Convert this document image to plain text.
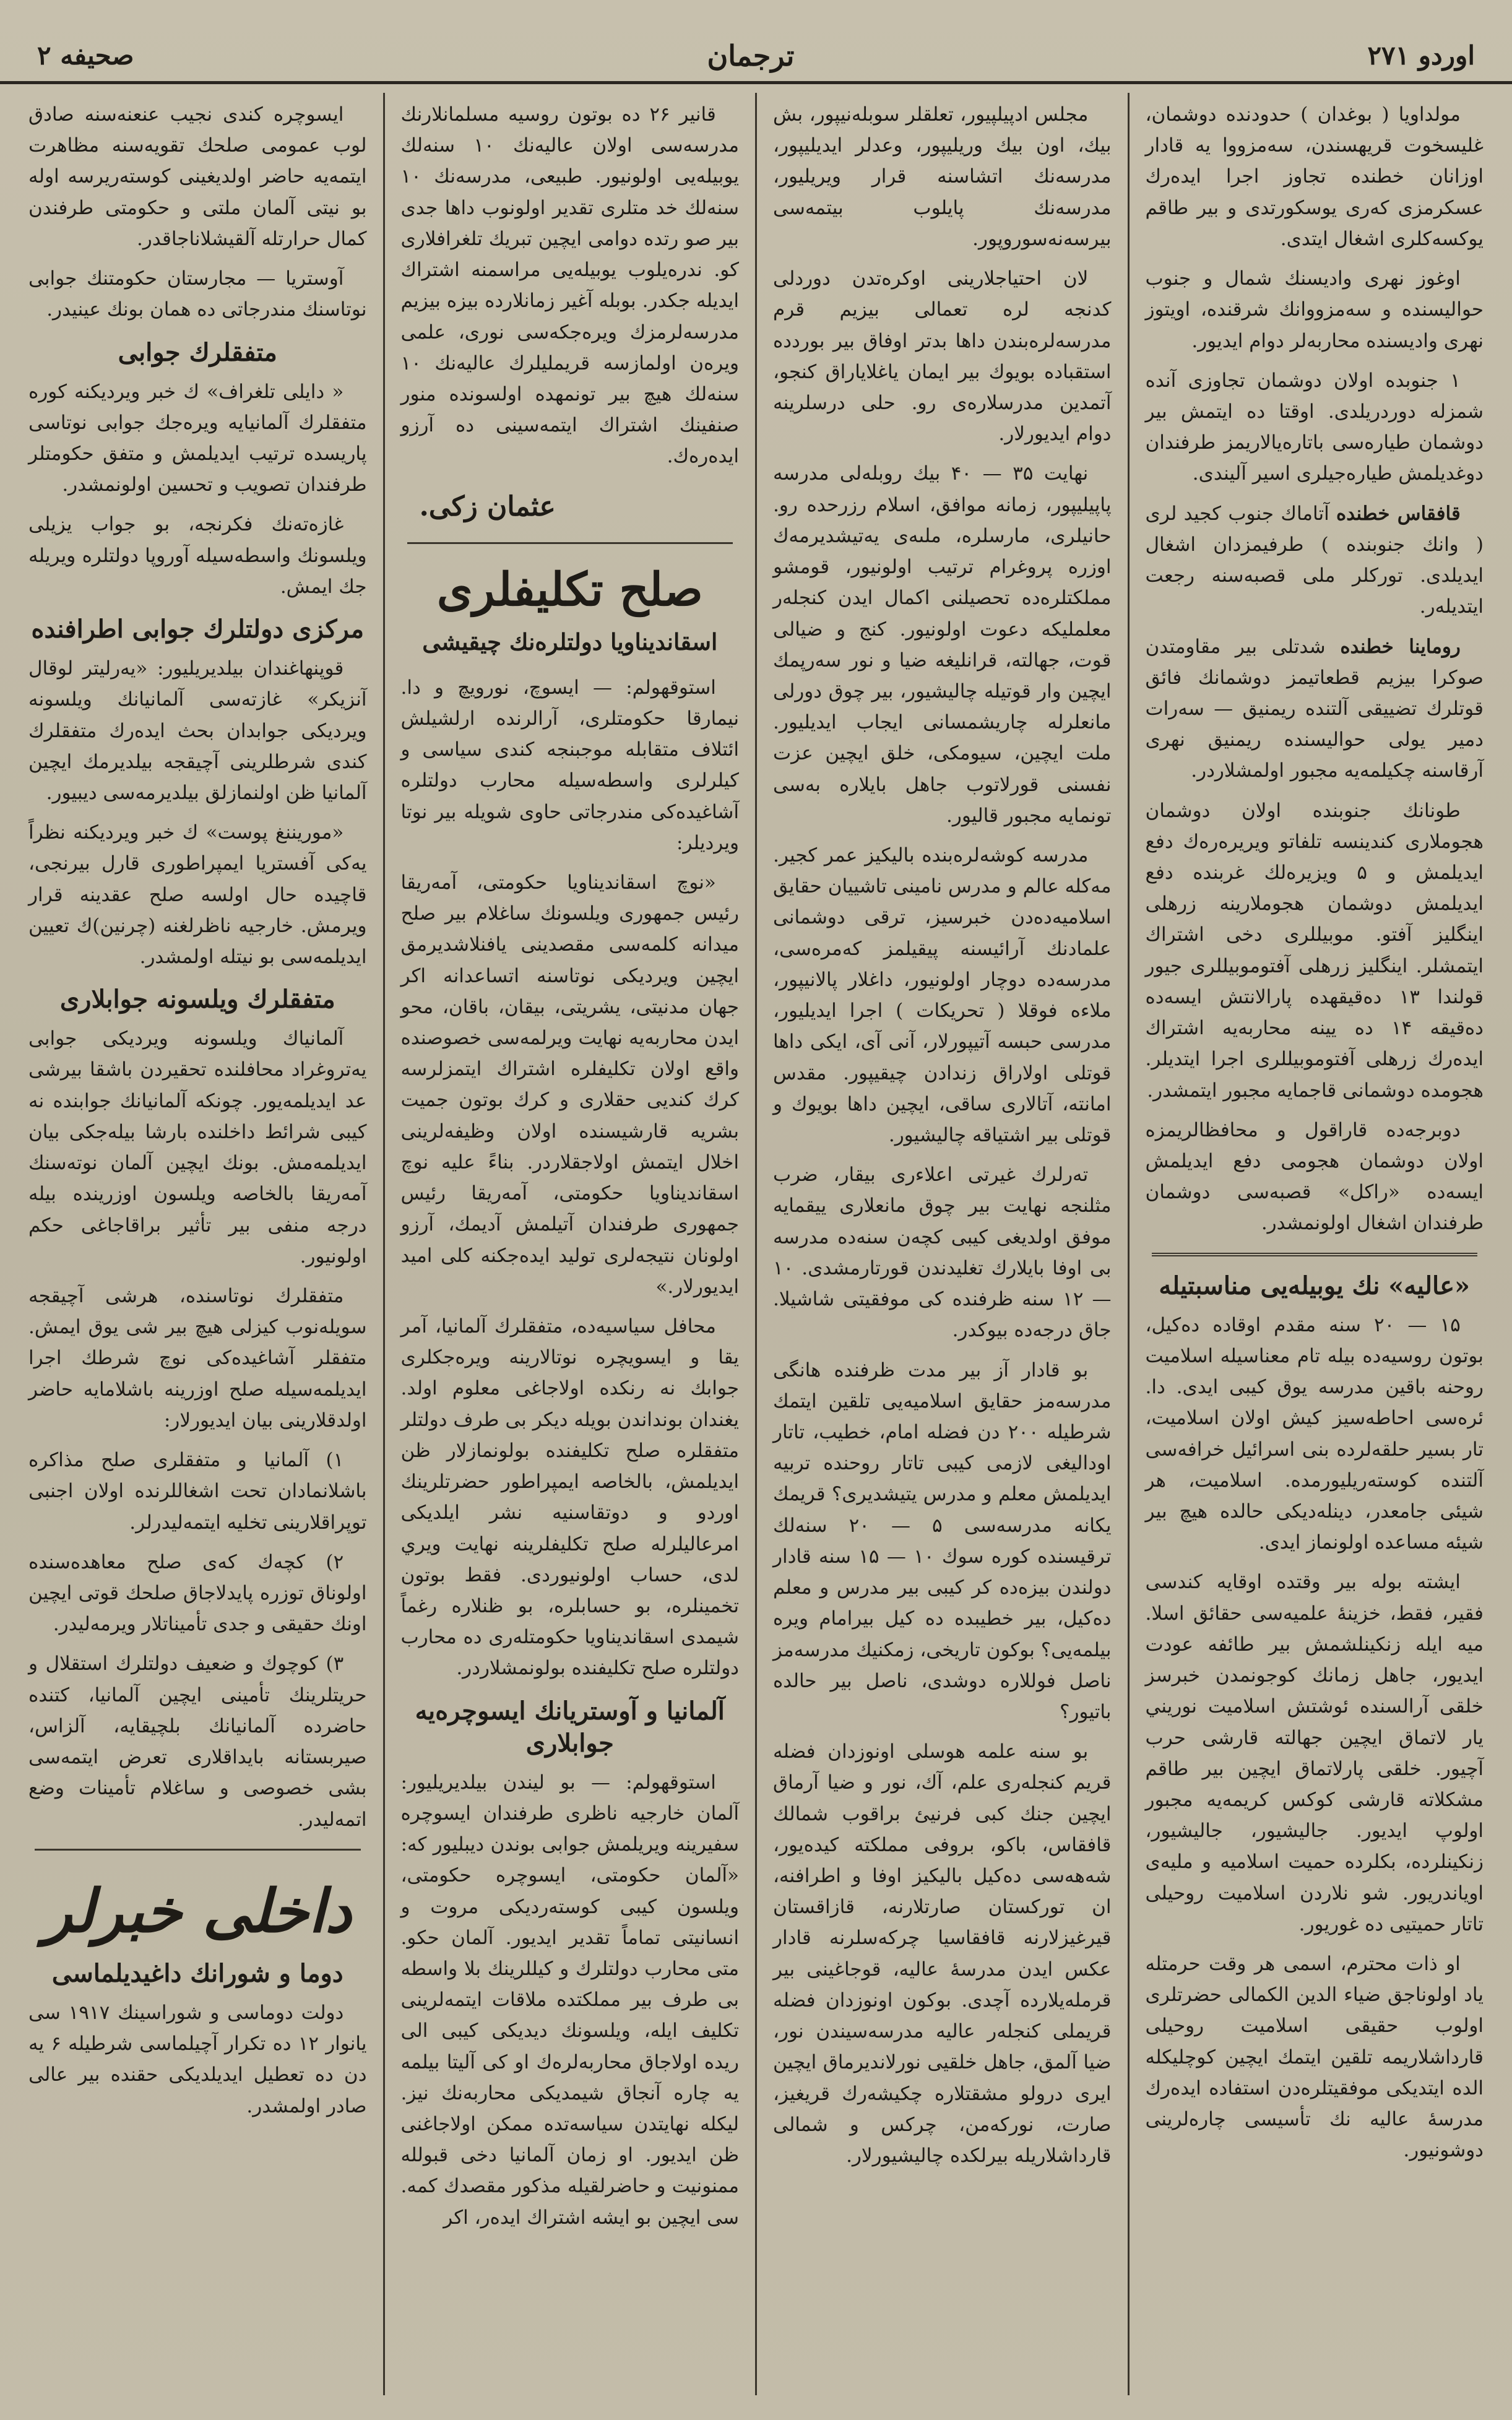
اوردو ۲۷۱
ترجمان
صحيفه ۲

مولداويا ( بوغدان ) حدودنده دوشمان، غليسخوت قريهسندن، سەمزووا يە قادار اوزانان خطنده تجاوز اجرا ايدەرك عسكرمزى كەرى يوسكورتدى و بير طاقم يوكسەكلرى اشغال ايتدى.

اوغوز نهرى واديسنك شمال و جنوب حواليسنده و سەمزووانك شرقنده، اويتوز نهرى واديسنده محاربەلر دوام ايديور.

۱ جنوبده اولان دوشمان تجاوزى آنده شمزله دوردريلدى. اوقتا ده ايتمش بير دوشمان طيارەسى باتارەيالاريمز طرفندان دوغديلمش طيارەجيلرى اسير آليندى.

قافقاس خطنده آتاماك جنوب كجيد لرى ( وانك جنوبنده ) طرفيمزدان اشغال ايديلدى. توركلر ملى قصبەسنه رجعت ايتديلەر.

روماينا خطنده شدتلى بير مقاومتدن صوكرا بيزيم قطعاتيمز دوشمانك فائق قوتلرك تضييقى آلتنده ريمنيق — سەرات دمير يولى حواليسنده ريمنيق نهرى آرقاسنه چكيلمەيه مجبور اولمشلاردر.

طونانك جنوبنده اولان دوشمان هجوملارى كندينسه تلفاتو ويريرەرەك دفع ايديلمش و ۵ ويزيرەلك غربنده دفع ايديلمش دوشمان هجوملارينه زرهلى اينگليز آفتو. موبيللرى دخى اشتراك ايتمشلر. اينگليز زرهلى آفتوموبيللرى جيور قولندا ۱۳ دەقيقهده پارالانتش ايسەده دەقيقه ۱۴ ده يينه محاربەيه اشتراك ايدەرك زرهلى آفتوموبيللرى اجرا ايتديلر. هجومده دوشمانى قاجمايه مجبور ايتمشدر.

دوبرجەده قاراقول و محافظالريمزه اولان دوشمان هجومى دفع ايديلمش ايسەده «راكل» قصبەسى دوشمان طرفندان اشغال اولونمشدر.

«عالیه» نك يوبيلەيى مناسبتيله

۱۵ — ۲۰ سنه مقدم اوقاده دەكيل، بوتون روسيەده بيله تام معناسيله اسلاميت روحنه باقين مدرسه يوق كيبى ايدى. دا. ئرەسى احاطەسيز كيش اولان اسلاميت، تار بسير حلقەلرده بنى اسرائيل خرافەسى آلتنده كوستەريليورمده. اسلاميت، هر شيئى جامعدر، دينلەديكى حالده هيچ بير شيئه مساعده اولونماز ايدى.

ايشته بوله بير وقتده اوقايه كندسى فقير، فقط، خزينۀ علميەسى حقائق اسلا. ميه ايله زنكينلشمش بير طائفه عودت ايديور، جاهل زمانك كوجونمدن خبرسز خلقى آرالسنده ئوشتش اسلاميت نوريني يار لاتماق ايچين جهالته قارشى حرب آچيور. خلقى پارلاتماق ايچين بير طاقم مشكلاته قارشى كوكس كريمەيه مجبور اولوپ ايديور. جاليشيور، جاليشيور، زنكينلرده، بكلرده حميت اسلاميه و مليەى اوياندريور. شو نلاردن اسلاميت روحيلى تاتار حميتيى ده غوريور.

او ذات محترم، اسمى هر وقت حرمتله ياد اولوناجق ضياء الدين الكمالى حضرتلرى اولوب حقيقى اسلاميت روحيلى قارداشلاريمه تلقين ايتمك ايچين كوچليكله الده ايتديكى موفقيتلرەدن استفاده ايدەرك مدرسۀ عاليه نك تأسيسى چارەلرينى دوشونيور.

مجلس ادپيلپيور، تعلقلر سوبلەنيپور، بش بيك، اون بيك وريليپور، وعدلر ايديليپور، مدرسەنك اتشاسنه قرار ويريليور، مدرسەنك پايلوب بيتمەسى بيرسەنەسوروپور.

لان احتياجلارينى اوكرەتدن دوردلى كدنجه لره تعمالى بيزيم قرم مدرسەلرەبندن داها بدتر اوفاق بير بوردده استقباده بويوك بير ايمان ياغلاياراق كنجو، آتمدين مدرسلارەى رو. حلى درسلرينه دوام ايديورلار.

نهايت ۳۵ — ۴۰ بيك روبلەلى مدرسه پاپيليپور، زمانه موافق، اسلام رزرحده رو. حانيلرى، مارسلره، ملىەى يەتيشديرمەك اوزره پروغرام ترتيب اولونيور، قومشو مملكتلرەده تحصيلنى اكمال ايدن كنجلەر معلمليكه دعوت اولونيور. كنج و ضيالى قوت، جهالته، قرانليغه ضيا و نور سەرپمك ايچين وار قوتيله چاليشيور، بير چوق دورلى مانعلرله چاريشمسانى ايجاب ايديليور. ملت ايچين، سيومكى، خلق ايچين عزت نفسنى قورلاتوب جاهل بايلاره بەسى تونمايه مجبور قاليور.

مدرسه كوشەلرەبنده باليكيز عمر كجير. مەكله عالم و مدرس نامينى تاشييان حقايق اسلاميەدەدن خبرسيز، ترقى دوشمانى علمادنك آرائيسنه پيقيلمز كەمرەسى، مدرسەده دوچار اولونيور، داغلار پالانيپور، ملاءه فوقلا ( تحريكات ) اجرا ايديليور، مدرسى حبسه آتيپورلار، آنى آى، ايكى داها قوتلى اولاراق زندادن چيقيپور. مقدس امانته، آتالارى ساقى، ايچين داها بويوك و قوتلى بير اشتياقه چاليشيور.

تەرلرك غيرتى اعلاءرى بيقار، ضرب مثلنجه نهايت بير چوق مانعلارى ييقمايه موفق اولديغى كيبى كچەن سنەده مدرسه بى اوفا بايلارك تغليدندن قورتارمشدى. ۱۰ — ۱۲ سنه ظرفنده كى موفقيتى شاشيلا. جاق درجەده بيوكدر.

بو قادار آز بير مدت ظرفنده هانگى مدرسەمز حقايق اسلاميەيى تلقين ايتمك شرطيله ۲۰۰ دن فضله امام، خطيب، تاتار اوداليغى لازمى كيبى تاتار روحنده تربيه ايديلمش معلم و مدرس يتيشديرى؟ قريمك يكانه مدرسەسى ۵ — ۲۰ سنەلك ترقيسنده كوره سوك ۱۰ — ۱۵ سنه قادار دولندن بيزەده كر كيبى بير مدرس و معلم دەكيل، بير خطيبده دە كيل بيرامام ويره بيلمەيى؟ بوكون تاريخى، زمكنيك مدرسەمز ناصل فوللاره دوشدى، ناصل بير حالده باتيور؟

بو سنه علمه هوسلى اونوزدان فضله قريم كنجلەرى علم، آك، نور و ضيا آرماق ايچين جنك كبى فرنيئ براقوب شمالك قافقاس، باكو، بروفى مملكته كيدەيور، شەهەسى دەكيل باليكيز اوفا و اطرافنه، ان توركستان صارتلارنه، قازاقستان قيرغيزلارنه قافقاسيا چركەسلرنه قادار عكس ايدن مدرسۀ عاليه، قوجاغينى بير قرملەيلاردە آچدى. بوكون اونوزدان فضله قريملى كنجلەر عاليه مدرسەسيندن نور، ضيا آلمق، جاهل خلقيى نورلانديرماق ايچين ايرى درولو مشقتلاره چكيشەرك قريغيز، صارت، نوركەمن، چركس و شمالى قارداشلاريله بيرلكده چاليشيورلار.

قانير ۲۶ ده بوتون روسيه مسلمانلارنك مدرسەسى اولان عاليەنك ۱۰ سنەلك يوبيلەيى اولونيور. طبيعى، مدرسەنك ۱۰ سنەلك خد متلرى تقدير اولونوب داها جدى بير صو رتده دوامى ايچين تبريك تلغرافلارى كو. ندرەيلوب يوبيلەيى مراسمنه اشتراك ايديله جكدر. بوبله آغير زمانلاردە بيزه بيزيم مدرسەلرمزك ويرەجكەسى نورى، علمى ويرەن اولمازسه قريمليلرك عاليەنك ۱۰ سنەلك هيچ بير تونمهده اولسونده منور صنفينك اشتراك ايتمەسينى ده آرزو ايدەرەك.

عثمان زكى.
صلح تكليفلرى
اسقانديناويا دولتلرەنك چيقيشى

استوقهولم: — ايسوچ، نورويچ و دا. نيمارقا حكومتلرى، آرالرنده ارلشيلش ائتلاف متقابله موجبنجه كندى سياسى و كيلرلرى واسطەسيله محارب دولتلره آشاغيدەكى مندرجاتى حاوى شويله بير نوتا ويرديلر:

«نوچ اسقانديناويا حكومتى، آمەريقا رئيس جمهورى ويلسونك ساغلام بير صلح ميدانه كلمەسى مقصدينى يافنلاشديرمق ايچين ويرديكى نوتاسنه اتساعدانه اكر جهان مدنيتى، يشريتى، بيقان، باقان، محو ايدن محاربەيه نهايت ويرلمەسى خصوصنده واقع اولان تكليفلره اشتراك ايتمزلرسه كرك كنديى حقلارى و كرك بوتون جميت بشريه قارشيسنده اولان وظيفەلرينى اخلال ايتمش اولاجقلاردر. بناءً عليه نوچ اسقانديناويا حكومتى، آمەريقا رئيس جمهورى طرفندان آتيلمش آديمك، آرزو اولونان نتيجەلرى توليد ايدەجكنه كلى اميد ايديورلار.»

محافل سياسيەده، متفقلرك آلمانيا، آمر يقا و ايسويچرە نوتالارينه ويرەجكلرى جوابك نه رنكده اولاجاغى معلوم اولد. يغندان بونداندن بويله ديكر بى طرف دولتلر متفقلره صلح تكليفنده بولونمازلار ظن ايديلمش، بالخاصه ايمپراطور حضرتلرينك اوردو و دوتقاسنيه نشر ايلديكى امرعاليلرله صلح تكليفلرينه نهايت ويري لدى، حساب اولونيوردى. فقط بوتون تخمينلره، بو حسابلره، بو ظنلاره رغماً شيمدى اسقانديناويا حكومتلەرى ده محارب دولتلره صلح تكليفنده بولونمشلاردر.

آلمانيا و آوستريانك ايسوچرەيه جوابلارى

استوقهولم: — بو ليندن بيلديريليور: آلمان خارجيه ناظرى طرفندان ايسوچره سفيرينه ويريلمش جوابى بوندن ديبليور كه: «آلمان حكومتى، ايسوچرە حكومتى، ويلسون كيبى كوستەرديكى مروت و انسانيتى تماماً تقدير ايديور. آلمان حكو. متى محارب دولتلرك و كيللرينك بلا واسطه بى طرف بير مملكتده ملاقات ايتمەلرينى تكليف ايله، ويلسونك ديديكى كيبى الى ريده اولاجاق محاربەلرەك او كى آليتا بيلمه يه چاره آنجاق شيمديكى محاربەنك نيز. ليكله نهايتدن سياسەتده ممكن اولاجاغنى ظن ايديور. او زمان آلمانيا دخى قبولله ممنونيت و حاضرلقيله مذكور مقصدك كمه. سى ايچين بو ايشه اشتراك ايدەر، اكر

ايسوچرە كندى نجيب عنعنەسنه صادق لوب عمومى صلحك تقويەسنه مظاهرت ايتمەيه حاضر اولديغينى كوستەريرسه اوله بو نيتى آلمان ملتى و حكومتى طرفندن كمال حرارتله آلقيشلاناجاقدر.

آوستريا — مجارستان حكومتنك جوابى نوتاسنك مندرجاتى ده همان بونك عينيدر.

متفقلرك جوابى

« دايلى تلغراف» ك خبر ويرديكنه كوره متفقلرك آلمانيايه ويرەجك جوابى نوتاسى پاريسده ترتيب ايديلمش و متفق حكومتلر طرفندان تصويب و تحسين اولونمشدر.

غازەتەنك فكرنجه، بو جواب يزيلى ويلسونك واسطەسيله آوروپا دولتلره ويريله جك ايمش.

مركزى دولتلرك جوابى اطرافنده

قوپنهاغندان بيلديريليور: «يەرليتر لوقال آنزيكر» غازتەسى آلمانيانك ويلسونه ويرديكى جوابدان بحث ايدەرك متفقلرك كندى شرطلرينى آچيقجه بيلديرمك ايچين آلمانيا ظن اولنمازلق بيلديرمەسى ديبيور.

«موريننغ پوست» ك خبر ويرديكنه نظراً يەكى آفستريا ايمپراطورى قارل بيرنجى، قاچيده حال اولسه صلح عقدينه قرار ويرمش. خارجيه ناظرلغنه (چرنين)ك تعيين ايديلمەسى بو نيتله اولمشدر.

متفقلرك ويلسونه جوابلارى

آلمانياك ويلسونه ويرديكى جوابى يەتروغراد محافلنده تحقيردن باشقا بيرشى عد ايديلمەيور. چونكه آلمانيانك جوابنده نه كيبى شرائط داخلنده بارشا بيلەجكى بيان ايديلمەمش. بونك ايچين آلمان نوتەسنك آمەريقا بالخاصه ويلسون اوزرينده بيله درجه منفى بير تأثير براقاجاغى حكم اولونيور.

متفقلرك نوتاسنده، هرشى آچيقجه سويلەنوب كيزلى هيچ بير شى يوق ايمش. متفقلر آشاغيدەكى نوچ شرطك اجرا ايديلمەسيله صلح اوزرينه باشلامايه حاضر اولدقلارينى بيان ايديورلار:

۱) آلمانيا و متفقلرى صلح مذاكره باشلانمادان تحت اشغاللرنده اولان اجنبى توپراقلارينى تخليه ايتمەليدرلر.

۲) كچەك كەى صلح معاهدەسنده اولوناق توزره پايدلاجاق صلحك قوتى ايچين اونك حقيقى و جدى تأميناتلار ويرمەليدر.

۳) كوچوك و ضعيف دولتلرك استقلال و حريتلرينك تأمينى ايچين آلمانيا، كتنده حاضرده آلمانيانك بلچيقايه، آلزاس، صيربستانه بايداقلارى تعرض ايتمەسى بشى خصوصى و ساغلام تأمينات وضع اتمەليدر.

داخلى خبرلر
دوما و شورانك داغيديلماسى

دولت دوماسى و شوراسينك ۱۹۱۷ سى يانوار ۱۲ ده تكرار آچيلماسى شرطيله ۶ يه دن ده تعطيل ايديلديكى حقنده بير عالى صادر اولمشدر.
